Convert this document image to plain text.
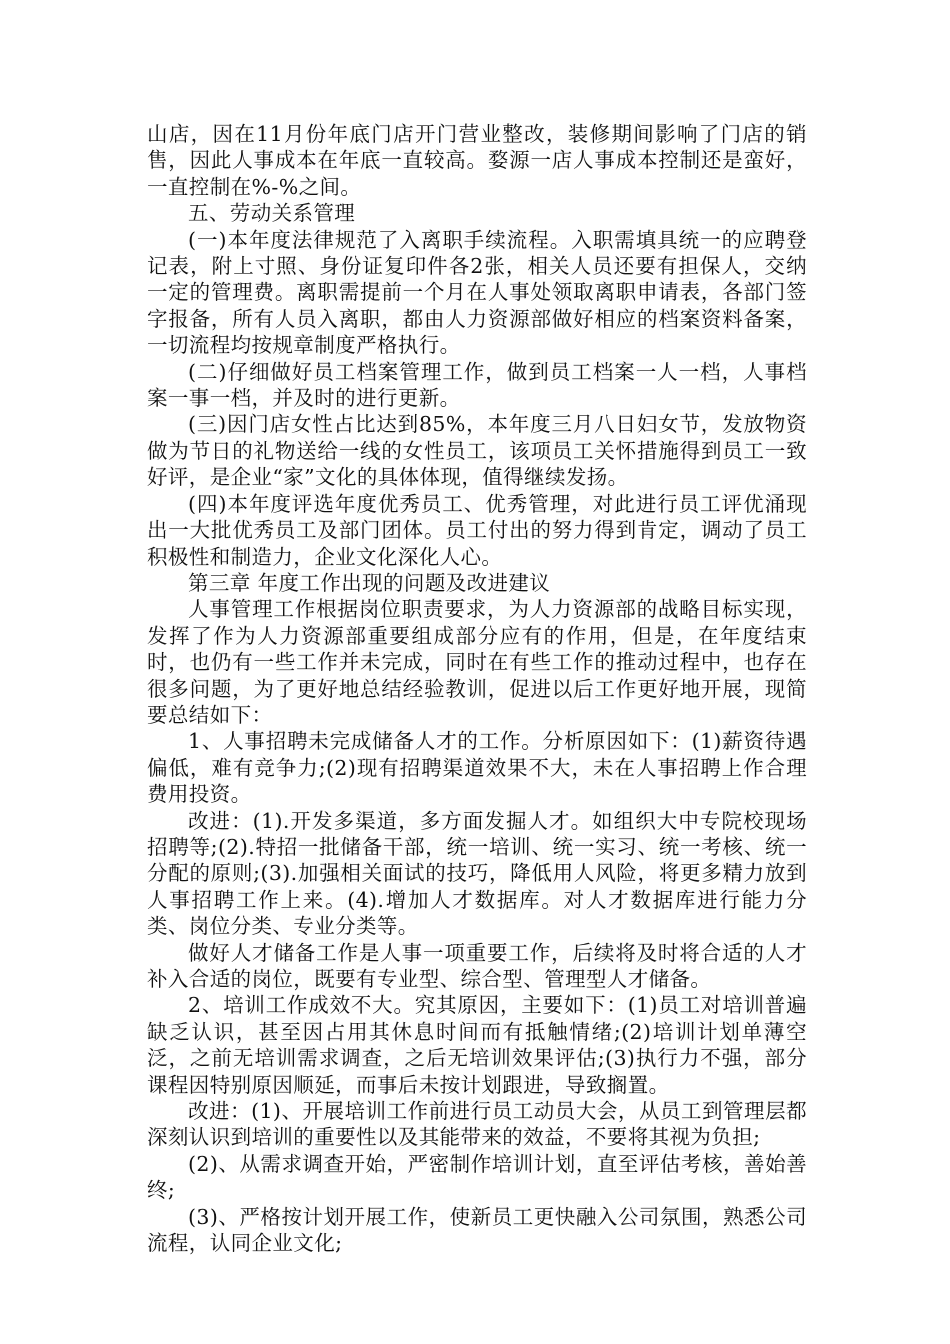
山店，因在11月份年底门店开门营业整改，装修期间影响了门店的销售，因此人事成本在年底一直较高。婺源一店人事成本控制还是蛮好，一直控制在%-%之间。

五、劳动关系管理

(一)本年度法律规范了入离职手续流程。入职需填具统一的应聘登记表，附上寸照、身份证复印件各2张，相关人员还要有担保人，交纳一定的管理费。离职需提前一个月在人事处领取离职申请表，各部门签字报备，所有人员入离职，都由人力资源部做好相应的档案资料备案，一切流程均按规章制度严格执行。

(二)仔细做好员工档案管理工作，做到员工档案一人一档，人事档案一事一档，并及时的进行更新。

(三)因门店女性占比达到85%，本年度三月八日妇女节，发放物资做为节日的礼物送给一线的女性员工，该项员工关怀措施得到员工一致好评，是企业“家”文化的具体体现，值得继续发扬。

(四)本年度评选年度优秀员工、优秀管理，对此进行员工评优涌现出一大批优秀员工及部门团体。员工付出的努力得到肯定，调动了员工积极性和制造力，企业文化深化人心。

第三章 年度工作出现的问题及改进建议

人事管理工作根据岗位职责要求，为人力资源部的战略目标实现，发挥了作为人力资源部重要组成部分应有的作用，但是，在年度结束时，也仍有一些工作并未完成，同时在有些工作的推动过程中，也存在很多问题，为了更好地总结经验教训，促进以后工作更好地开展，现简要总结如下：

1、人事招聘未完成储备人才的工作。分析原因如下：(1)薪资待遇偏低，难有竞争力;(2)现有招聘渠道效果不大，未在人事招聘上作合理费用投资。

改进：(1).开发多渠道，多方面发掘人才。如组织大中专院校现场招聘等;(2).特招一批储备干部，统一培训、统一实习、统一考核、统一分配的原则;(3).加强相关面试的技巧，降低用人风险，将更多精力放到人事招聘工作上来。(4).增加人才数据库。对人才数据库进行能力分类、岗位分类、专业分类等。

做好人才储备工作是人事一项重要工作，后续将及时将合适的人才补入合适的岗位，既要有专业型、综合型、管理型人才储备。

2、培训工作成效不大。究其原因，主要如下：(1)员工对培训普遍缺乏认识，甚至因占用其休息时间而有抵触情绪;(2)培训计划单薄空泛，之前无培训需求调查，之后无培训效果评估;(3)执行力不强，部分课程因特别原因顺延，而事后未按计划跟进，导致搁置。

改进：(1)、开展培训工作前进行员工动员大会，从员工到管理层都深刻认识到培训的重要性以及其能带来的效益，不要将其视为负担;

(2)、从需求调查开始，严密制作培训计划，直至评估考核，善始善终;

(3)、严格按计划开展工作，使新员工更快融入公司氛围，熟悉公司流程，认同企业文化;
